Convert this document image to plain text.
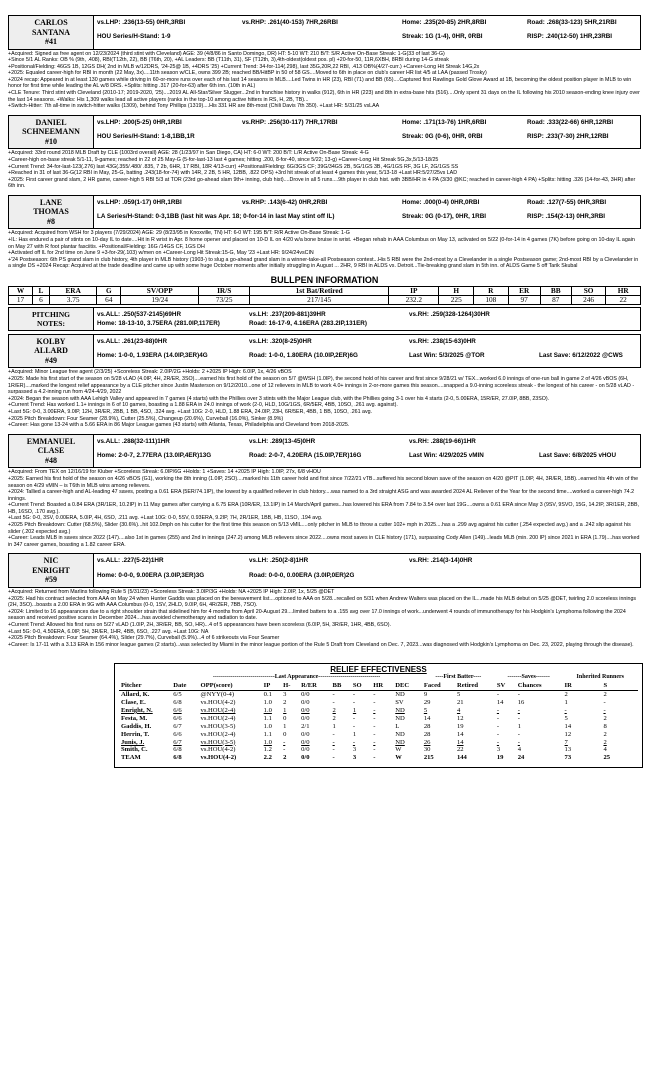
CARLOS
SANTANA
#41
vs.LHP: .236(13-55) 0HR,3RBI	vs.RHP: .261(40-153) 7HR,26RBI	Home: .235(20-85) 2HR,8RBI	Road: .268(33-123) 5HR,21RBI
HOU Series/H-Stand: 1-9	Streak: 1G (1-4), 0HR, 0RBI	RISP: .240(12-50) 1HR,23RBI

+Acquired: Signed as free agent on 12/23/2024 (third stint with Cleveland) AGE: 39 (4/8/86 in Santo Domingo, DR) HT: 5-10 WT: 210 B/T: S/R Active On-Base Streak: 1-G(33 of last 36-G)

+Since 5/1 AL Ranks: OB % (9th, .408), RBI(T12th, 22), BB (T6th, 20), +AL Leaders: BB (T11th, 31), SF (T12th, 3),4th-oldest(oldest pos. pl) +20-for-50, 11R,6XBH, 8RBI during 14-G streak

+Positional/Fielding: 46GS 1B, 12GS DH( 2nd in MLB w/12DRS, '24-25@ 1B, +4DRS '25) +Current Trend: 34-for-114(.298), last 35G,20R,22 RBI, .413 OB%(4/27-curr.) +Career-Long Hit Streak 14G,2x

+2025: Equaled career-high for RBI in month (22 May, 3x)....11th season w/CLE, owns 399 2B; reached BB/HitBP in 50 of 58 GS....Moved to 6th in place on club's career HR list 4/5 at LAA (passed Trosky)

+2024 recap: Appeared in at least 130 games while driving in 60-or-more runs over each of his last 14 seasons in MLB....Led Twins in HR (23), RBI (71) and BB (65)....Captured first Rawlings Gold Glove Award at 1B, becoming the oldest position player in MLB to win honor for first time while leading the AL w/8 DRS. +Splits: hitting .317 (20-for-63) after 6th inn. (10th in AL)

+CLE Tenure: Third stint with Cleveland (2010-17; 2019-2020, '25)....2019 AL All-Star/Silver Slugger...2nd in franchise history in walks (912), 6th in HR (223) and 8th in extra-base hits (516)....Only spent 31 days on the IL following his 2010 season-ending knee injury over the last 14 seasons. +Walks: His 1,309 walks lead all active players (ranks in the top-10 among active hitters in RS, H, 2B, TB)...

+Switch-Hitter: 7th all-time in switch-hitter walks (1309), behind Tony Phillips (1319)....His 331 HR are 8th-most (Chili Davis 7th 350). +Last HR: 5/31/25 vsLAA

DANIEL
SCHNEEMANN
#10
vs.LHP: .200(5-25) 0HR,1RBI	vs.RHP: .256(30-117) 7HR,17RBI	Home: .171(13-76) 1HR,6RBI	Road: .333(22-66) 6HR,12RBI
HOU Series/H-Stand: 1-8,1BB,1R	Streak: 0G (0-6), 0HR, 0RBI	RISP: .233(7-30) 2HR,12RBI

+Acquired: 33rd round 2018 MLB Draft by CLE (1003rd overall) AGE: 28 (1/23/97 in San Diego, CA) HT: 6-0 WT: 200 B/T: L/R Active On-Base Streak: 4-G

+Career-high on-base streak 5/1-11, 9-games; reached in 22 of 25 May-G (5-for-last-13 last 4 games; hitting .200, 8-for-40, since 5/22; 13-g) +Career-Long Hit Streak 5G,3x,5/13-18/25

+Current Trend: 34-for-last-123(.276) last 43G(.355/.480/ .835, 7 2b, 6HR, 17 RBI, 18R 4/13-curr) +Positional/Fielding: 6G/3GS CF; 39G/34GS 2B, 5G/1GS 3B, 4G/1GS RF, 3G LF, 2G/1GS SS

+Reached in 31 of last 36-G(12 RBI in May, 25-G, batting .243(18-for-74) with 14R, 2 2B, 5 HR, 12BB, .822 OPS) +3rd hit streak of at least 4 games this year, 5/13-18 +Last HR:5/27/25vs LAD

+2025: First career grand slam, 2 HR game, career-high 5 RBI 5/3 at TOR (23rd go-ahead slam 9th+ inning, club hist)....Drove in all 5 runs....9th player in club hist. with 3BB/HR in 4 PA (3/30 @KC; reached in career-high 4 PA) +Splits: hitting .326 (14-for-43, 3HR) after 6th inn.

LANE
THOMAS
#8
vs.LHP: .059(1-17) 0HR,1RBI	vs.RHP: .143(6-42) 0HR,2RBI	Home: .000(0-4) 0HR,0RBI	Road: .127(7-55) 0HR,3RBI
LA Series/H-Stand: 0-3,1BB (last hit was Apr. 18; 0-for-14 in last May stint off IL)	Streak: 0G (0-17), 0HR, 1RBI	RISP: .154(2-13) 0HR,3RBI

+Acquired: Acquired from WSH for 3 players (7/29/2024) AGE: 29 (8/23/95 in Knoxville, TN) HT: 6-0 WT: 195 B/T: R/R Active On-Base Streak: 1-G

+IL: Has endured a pair of stints on 10-day IL to date....Hit in R wrist in Apr. 8 home opener and placed on 10-D IL on 4/20 w/a bone bruise in wrist. +Began rehab in AAA Columbus on May 13, activated on 5/22 (0-for-14 in 4 games (7K) before going on 10-day IL again on May 27 with R foot plantar fasciitis. +Positional/Fielding: 16G /14GS CF, 1GS DH

+Activated off IL for 2nd time on June 9 +3-for-29(.103) w/men on +Career-Long Hit Streak:15-G, May '23 +Last HR: 9/24/24vsCIN

+'24 Postseason: 6th PS grand slam in club history, 4th player in MLB history (1903-) to slug a go-ahead grand slam in a winner-take-all Postseason contest...His 5 RBI were the 2nd-most by a Clevelander in a single Postseason game; 2nd-most RBI by a Clevelander in a single DS +2024 Recap: Acquired at the trade deadline and came up with some huge October moments after initially struggling in August ... 2HR, 9 RBI in ALDS vs. Detroit...Tie-breaking grand slam in 5th inn. of ALDS Game 5 off Tarik Skubal

BULLPEN INFORMATION
W	L	ERA	G	SV/OPP	IR/S	1st Bat/Retired	IP	H	R	ER	BB	SO	HR
17	6	3.75	64	19/24	73/25	217/145	232.2	225	108	97	87	246	22
PITCHING
NOTES:
vs.ALL: .250(537-2145)69HR	vs.LH: .237(209-881)39HR	vs.RH: .259(328-1264)30HR
Home: 18-13-10, 3.75ERA (281.0IP,117ER)	Road: 16-17-9, 4.16ERA (283.2IP,131ER)
KOLBY
ALLARD
#49
vs.ALL: .261(23-88)0HR	vs.LH: .320(8-25)0HR	vs.RH: .238(15-63)0HR
Home: 1-0-0, 1.93ERA (14.0IP,3ER)4G	Road: 1-0-0, 1.80ERA (10.0IP,2ER)6G	Last Win: 5/3/2025 @TOR	Last Save: 6/12/2022 @CWS

+Acquired: Minor League free agent (2/3/25) +Scoreless Streak: 2.0IP/2G +Holds: 2 +2025 IP High: 6.0IP, 1x, 4/26 vBOS

+2025: Made his first start of the season on 5/28 vLAD (4.0IP, 4H, 2R/ER, 3SO)....earned his first hold of the season on 5/7 @WSH (1.0IP), the second hold of his career and first since 9/28/21 w/ TEX...worked 6.0 innings of one-run ball in game 2 of 4/26 vBOS (6H, 1R/ER)....marked the longest relief appearance by a CLE pitcher since Justin Masterson on 9/12/2010...one of 12 relievers in MLB to work 4.0+ innings in 2-or-more games this season....snapped a 9.0-inning scoreless streak - the longest of his career - on 5/28 vLAD - surpassed a 4.2-inning run from 4/24-4/29, 2022

+2024: Began the season with AAA Lehigh Valley and appeared in 7 games (4 starts) with the Phillies over 3 stints with the Major League club, with the Phillies going 3-1 over his 4 starts (2-0, 5.00ERA, 15R/ER, 27.0IP, 8BB, 23SO).

+Current Trend: Has worked 1.1+ innings in 6 of 10 games, boasting a 1.88 ERA in 24.0 innings of work (2-0, HLD, 10G/1GS, 6R/5ER, 4BB, 10SO, .261 avg. against).

+Last 5G: 0-0, 3.00ERA, 9.0IP, 12H, 3R/ER, 2BB, 1 BB, 4SO, .324 avg. +Last 10G: 2-0, HLD, 1.88 ERA, 24.0IP, 23H, 6R/5ER, 4BB, 1 BB, 10SO, .261 avg.

+2025 Pitch Breakdown: Four Seamer (28.9%), Cutter (25.5%), Changeup (20.6%), Curveball (16.0%), Sinker (8.9%)

+Career: Has gone 13-24 with a 5.66 ERA in 86 Major League games (43 starts) with Atlanta, Texas, Philadelphia and Cleveland from 2018-2025.

EMMANUEL
CLASE
#48
vs.ALL: .288(32-111)1HR	vs.LH: .289(13-45)0HR	vs.RH: .288(19-66)1HR
Home: 2-0-7, 2.77ERA (13.0IP,4ER)13G	Road: 2-0-7, 4.20ERA (15.0IP,7ER)16G	Last Win: 4/29/2025 vMIN	Last Save: 6/8/2025 vHOU

+Acquired: From TEX on 12/16/19 for Kluber +Scoreless Streak: 6.0IP/6G +Holds: 1 +Saves: 14 +2025 IP High: 1.0IP, 27x, 6/8 vHOU

+2025: Earned his first hold of the season on 4/26 vBOS (G1), working the 8th inning (1.0IP, 2SO)....marked his 11th career hold and first since 7/22/21 vTB...suffered his second blown save of the season on 4/20 @PIT (1.0IP, 4H, 3R/ER, 1BB)...earned his 4th win of the season on 4/29 vMIN – is T6th in MLB wins among relievers.

+2024: Tallied a career-high and AL-leading 47 saves, posting a 0.61 ERA (5ER/74.1IP), the lowest by a qualified reliever in club history....was named to a 3rd straight ASG and was awarded 2024 AL Reliever of the Year for the second time....worked a career-high 74.2 innings.

+Current Trend: Boasted a 0.84 ERA (3R/1ER, 10.2IP) in 11 May games after carrying a 6.75 ERA (10R/ER, 13.1IP) in 14 March/April games...has lowered his ERA from 7.84 to 3.54 over last 19G....owns a 0.61 ERA since May 3 (9SV, 9SVO, 15G, 14.2IP, 3R/1ER, 2BB, HB, 16SO, .170 avg.).

+Last 5G: 0-0, 3SV, 0.00ERA, 5.0IP, 4H, 6SO, .211 avg. +Last 10G: 0-0, 5SV, 0.93ERA, 9.2IP, 7H, 2R/1ER, 1BB, HB, 11SO, .194 avg.

+2025 Pitch Breakdown: Cutter (68.5%), Slider (30.6%)...hit 102.0mph on his cutter for the first time this season on 5/13 vMIL....only pitcher in MLB to throw a cutter 102+ mph in 2025....has a .299 avg against his cutter (.254 expected avg.) and a .242 slip against his slider (.202 expected avg.)

+Career: Leads MLB in saves since 2022 (147)....also 1st in games (255) and 2nd in innings (247.2) among MLB relievers since 2022....owns most saves in CLE history (171), surpassing Cody Allen (149)...leads MLB (min. 200 IP) since 2021 in ERA (1.79)....has worked in 347 career games, boasting a 1.82 career ERA.

NIC
ENRIGHT
#59
vs.ALL: .227(5-22)1HR	vs.LH: .250(2-8)1HR	vs.RH: .214(3-14)0HR
Home: 0-0-0, 9.00ERA (3.0IP,3ER)3G	Road: 0-0-0, 0.00ERA (3.0IP,0ER)2G

+Acquired: Returned from Marlins following Rule 5 (5/31/23) +Scoreless Streak: 3.0IP/3G +Holds: NA +2025 IP High: 2.0IP, 1x, 5/25 @DET

+2025: Had his contract selected from AAA on May 24 when Hunter Gaddis was placed on the bereavement list....optioned to AAA on 5/28...recalled on 5/31 when Andrew Walters was placed on the IL...made his MLB debut on 5/25 @DET, twirling 2.0 scoreless innings (2H, 3SO)...boasts a 2.00 ERA in 9G with AAA Columbus (0-0, 1SV, 2HLD, 9.0IP, 6H, 4R/2ER, 7BB, 7SO).

+2024: Limited to 16 appearances due to a right shoulder strain that sidelined him for 4 months from April 20-August 29....limited batters to a .155 avg over 17.0 innings of work...underwent 4 rounds of immunotherapy for his Hodgkin's Lymphoma following the 2024 season and received positive scans in December 2024....has avoided chemotherapy and radiation to date.

+Current Trend: Allowed his first runs on 5/27 vLAD (1.0IP, 2H, 3R/ER, BB, SO, HR)...4 of 5 appearances have been scoreless (6.0IP, 5H, 3R/ER, 1HR, 4BB, 6SO).

+Last 5G: 0-0, 4.50ERA, 6.0IP, 5H, 3R/ER, 1HR, 4BB, 6SO, .227 avg. +Last 10G: NA

+2025 Pitch Breakdown: Four Seamer (64.4%), Slider (29.7%), Curveball (5.9%)...4 of 6 strikeouts via Four Seamer

+Career: Is 17-11 with a 3.13 ERA in 156 minor league games (2 starts)...was selected by Miami in the minor league portion of the Rule 5 Draft from Cleveland on Dec. 7, 2023...was diagnosed with Hodgkin's Lymphoma on Dec. 23, 2022, playing through the disease).

RELIEF EFFECTIVENESS
	-------------------------------Last Appearance-------------------------------									----First Batter----		-------Saves-------		Inherited Runners	
Pitcher	Date	OPP(score)	IP	H-	R/ER	BB	SO	HR	DEC	Faced	Retired	SV	Chances	IR	S
Allard, K.	6/5	@NYY(0-4)	0.1	3	0/0	-	-	-	ND	9	5	-	-	2	2
Clase, E.	6/8	vs.HOU(4-2)	1.0	2	0/0	-	-	-	SV	29	21	14	16	1	-
Enright, N.	6/6	vs.HOU(2-4)	1.0	1	0/0	2	1	-	ND	5	4	-	-	-	-
Festa, M.	6/6	vs.HOU(2-4)	1.1	0	0/0	2	-	-	ND	14	12	-	-	5	2
Gaddis, H.	6/7	vs.HOU(3-5)	1.0	1	2/1	1	-	-	L	28	19	-	1	14	8
Herrin, T.	6/6	vs.HOU(2-4)	1.1	0	0/0	-	1	-	ND	28	14	-	-	12	2
Junis, J.	6/7	vs.HOU(3-5)	1.0	-	0/0	-	-	-	ND	26	14	-	-	7	2
Smith, C.	6/8	vs.HOU(4-2)	1.2	-	0/0	-	3	-	W	30	22	3	4	13	4
TEAM	6/8	vs.HOU(4-2)	2.2	2	0/0	-	3	-	W	215	144	19	24	73	25
